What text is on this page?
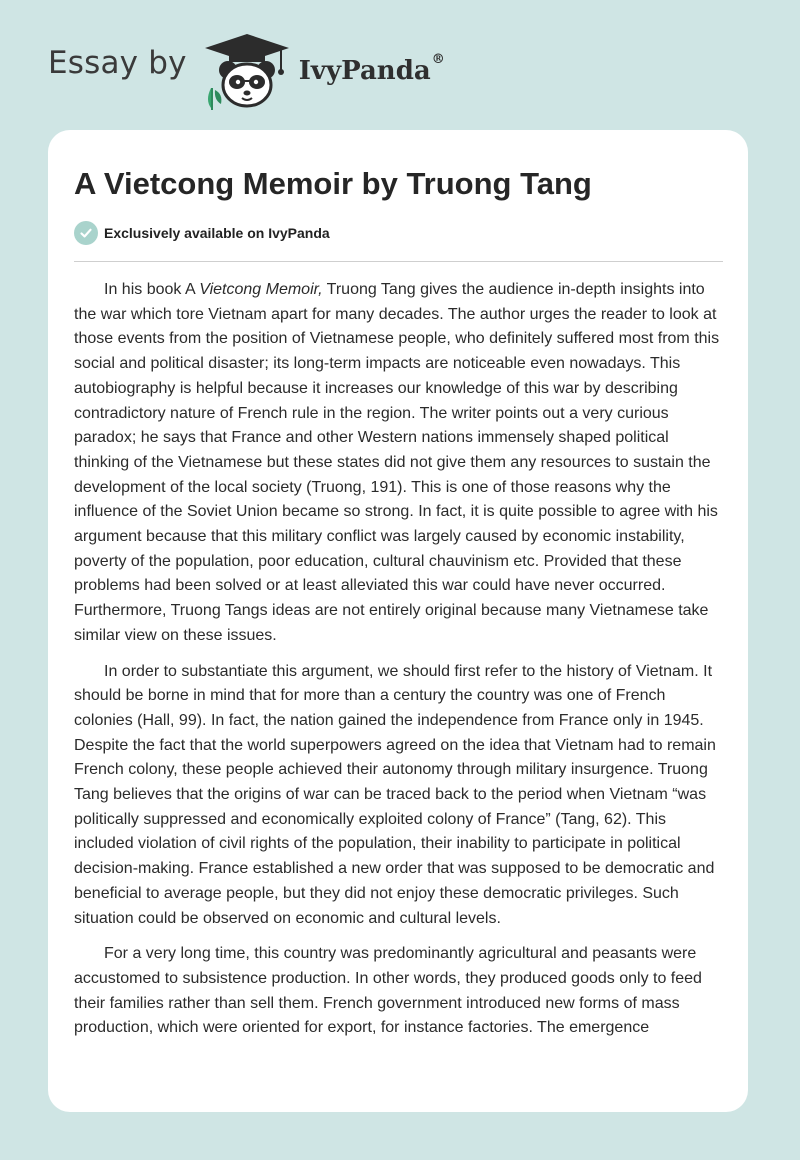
Essay by	IvyPanda®
A Vietcong Memoir by Truong Tang
Exclusively available on IvyPanda

In his book A Vietcong Memoir, Truong Tang gives the audience in-depth insights into the war which tore Vietnam apart for many decades. The author urges the reader to look at those events from the position of Vietnamese people, who definitely suffered most from this social and political disaster; its long-term impacts are noticeable even nowadays. This autobiography is helpful because it increases our knowledge of this war by describing contradictory nature of French rule in the region. The writer points out a very curious paradox; he says that France and other Western nations immensely shaped political thinking of the Vietnamese but these states did not give them any resources to sustain the development of the local society (Truong, 191). This is one of those reasons why the influence of the Soviet Union became so strong. In fact, it is quite possible to agree with his argument because that this military conflict was largely caused by economic instability, poverty of the population, poor education, cultural chauvinism etc. Provided that these problems had been solved or at least alleviated this war could have never occurred. Furthermore, Truong Tangs ideas are not entirely original because many Vietnamese take similar view on these issues.

In order to substantiate this argument, we should first refer to the history of Vietnam. It should be borne in mind that for more than a century the country was one of French colonies (Hall, 99). In fact, the nation gained the independence from France only in 1945. Despite the fact that the world superpowers agreed on the idea that Vietnam had to remain French colony, these people achieved their autonomy through military insurgence. Truong Tang believes that the origins of war can be traced back to the period when Vietnam “was politically suppressed and economically exploited colony of France” (Tang, 62). This included violation of civil rights of the population, their inability to participate in political decision-making. France established a new order that was supposed to be democratic and beneficial to average people, but they did not enjoy these democratic privileges. Such situation could be observed on economic and cultural levels.

For a very long time, this country was predominantly agricultural and peasants were accustomed to subsistence production. In other words, they produced goods only to feed their families rather than sell them. French government introduced new forms of mass production, which were oriented for export, for instance factories. The emergence
